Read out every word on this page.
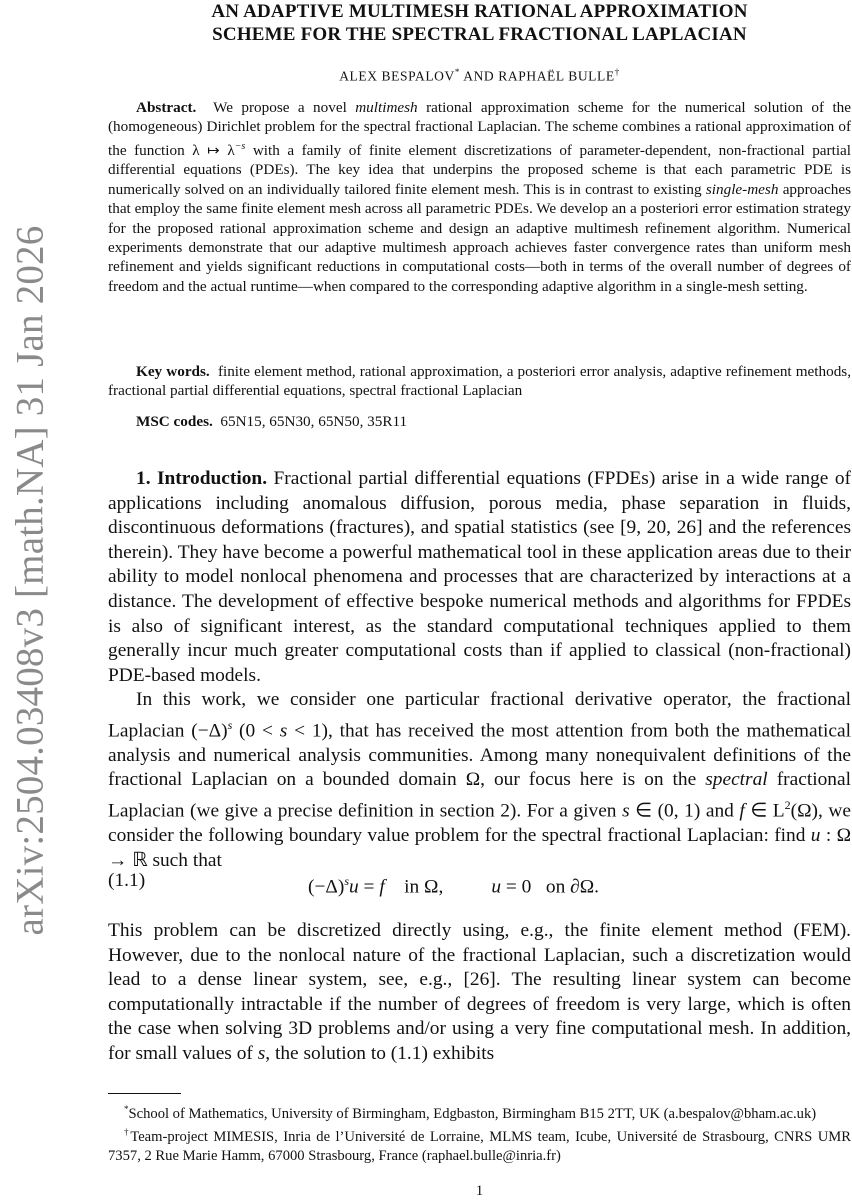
arXiv:2504.03408v3 [math.NA] 31 Jan 2026
AN ADAPTIVE MULTIMESH RATIONAL APPROXIMATION
SCHEME FOR THE SPECTRAL FRACTIONAL LAPLACIAN
ALEX BESPALOV* AND RAPHAËL BULLE†

Abstract. We propose a novel multimesh rational approximation scheme for the numerical solution of the (homogeneous) Dirichlet problem for the spectral fractional Laplacian. The scheme combines a rational approximation of the function λ ↦ $\lambda^{-s}$ with a family of finite element discretizations of parameter-dependent, non-fractional partial differential equations (PDEs). The key idea that underpins the proposed scheme is that each parametric PDE is numerically solved on an individually tailored finite element mesh. This is in contrast to existing single-mesh approaches that employ the same finite element mesh across all parametric PDEs. We develop an a posteriori error estimation strategy for the proposed rational approximation scheme and design an adaptive multimesh refinement algorithm. Numerical experiments demonstrate that our adaptive multimesh approach achieves faster convergence rates than uniform mesh refinement and yields significant reductions in computational costs—both in terms of the overall number of degrees of freedom and the actual runtime—when compared to the corresponding adaptive algorithm in a single-mesh setting.

Key words. finite element method, rational approximation, a posteriori error analysis, adaptive refinement methods, fractional partial differential equations, spectral fractional Laplacian

MSC codes. 65N15, 65N30, 65N50, 35R11

1. Introduction. Fractional partial differential equations (FPDEs) arise in a wide range of applications including anomalous diffusion, porous media, phase separation in fluids, discontinuous deformations (fractures), and spatial statistics (see [9, 20, 26] and the references therein). They have become a powerful mathematical tool in these application areas due to their ability to model nonlocal phenomena and processes that are characterized by interactions at a distance. The development of effective bespoke numerical methods and algorithms for FPDEs is also of significant interest, as the standard computational techniques applied to them generally incur much greater computational costs than if applied to classical (non-fractional) PDE-based models.

In this work, we consider one particular fractional derivative operator, the fractional Laplacian $(-\Delta)^s$ (0 < s < 1), that has received the most attention from both the mathematical analysis and numerical analysis communities. Among many nonequivalent definitions of the fractional Laplacian on a bounded domain Ω, our focus here is on the spectral fractional Laplacian (we give a precise definition in section 2). For a given s ∈ (0, 1) and f ∈ $L^2(\Omega)$, we consider the following boundary value problem for the spectral fractional Laplacian: find u : Ω → ℝ such that

(1.1)	$(-\Delta)^su = f$    in Ω, u = 0   on ∂Ω.

This problem can be discretized directly using, e.g., the finite element method (FEM). However, due to the nonlocal nature of the fractional Laplacian, such a discretization would lead to a dense linear system, see, e.g., [26]. The resulting linear system can become computationally intractable if the number of degrees of freedom is very large, which is often the case when solving 3D problems and/or using a very fine computational mesh. In addition, for small values of s, the solution to (1.1) exhibits

*School of Mathematics, University of Birmingham, Edgbaston, Birmingham B15 2TT, UK (a.bespalov@bham.ac.uk)

†Team-project MIMESIS, Inria de l’Université de Lorraine, MLMS team, Icube, Université de Strasbourg, CNRS UMR 7357, 2 Rue Marie Hamm, 67000 Strasbourg, France (raphael.bulle@inria.fr)

1
